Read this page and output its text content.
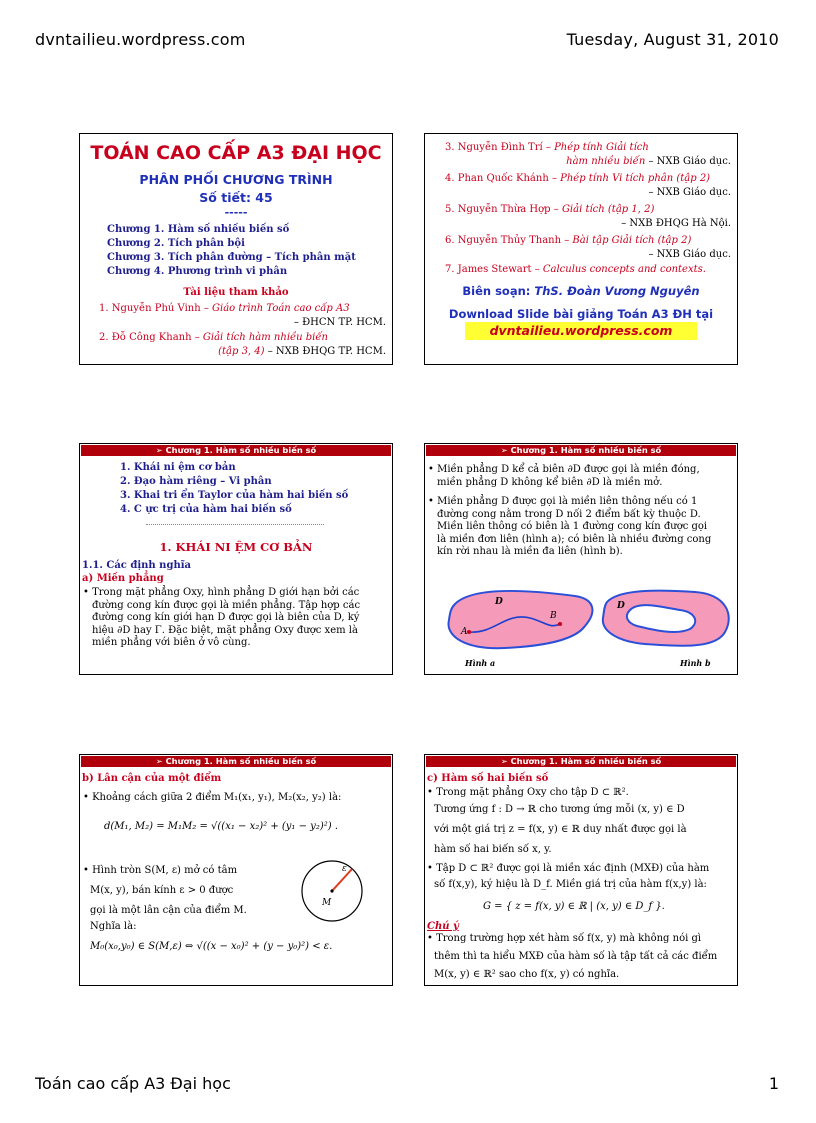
dvntailieu.wordpress.com	Tuesday, August 31, 2010
TOÁN CAO CẤP A3 ĐẠI HỌC
PHÂN PHỐI CHƯƠNG TRÌNH
Số tiết: 45
-----
Chương 1. Hàm số nhiều biến số
Chương 2. Tích phân bội
Chương 3. Tích phân đường – Tích phân mặt
Chương 4. Phương trình vi phân
Tài liệu tham khảo
1. Nguyễn Phú Vinh – Giáo trình Toán cao cấp A3
– ĐHCN TP. HCM.
2. Đỗ Công Khanh – Giải tích hàm nhiều biến
(tập 3, 4) – NXB ĐHQG TP. HCM.
3. Nguyễn Đình Trí – Phép tính Giải tích
hàm nhiều biến – NXB Giáo dục.
4. Phan Quốc Khánh – Phép tính Vi tích phân (tập 2)
– NXB Giáo dục.
5. Nguyễn Thừa Hợp – Giải tích (tập 1, 2)
– NXB ĐHQG Hà Nội.
6. Nguyễn Thủy Thanh – Bài tập Giải tích (tập 2)
– NXB Giáo dục.
7. James Stewart – Calculus concepts and contexts.
Biên soạn: ThS. Đoàn Vương Nguyên
Download Slide bài giảng Toán A3 ĐH tại
dvntailieu.wordpress.com
➢ Chương 1. Hàm số nhiều biến số
1. Khái ni ệm cơ bản
2. Đạo hàm riêng – Vi phân
3. Khai tri ển Taylor của hàm hai biến số
4. C ực trị của hàm hai biến số
1. KHÁI NI ỆM CƠ BẢN
1.1. Các định nghĩa
a) Miền phẳng
• Trong mặt phẳng Oxy, hình phẳng D giới hạn bởi các
đường cong kín được gọi là miền phẳng. Tập hợp các
đường cong kín giới hạn D được gọi là biên của D, ký
hiệu ∂D hay Γ. Đặc biệt, mặt phẳng Oxy được xem là
miền phẳng với biên ở vô cùng.
➢ Chương 1. Hàm số nhiều biến số
• Miền phẳng D kể cả biên ∂D được gọi là miền đóng,
miền phẳng D không kể biên ∂D là miền mở.
• Miền phẳng D được gọi là miền liên thông nếu có 1
đường cong nằm trong D nối 2 điểm bất kỳ thuộc D.
Miền liên thông có biên là 1 đường cong kín được gọi
là miền đơn liên (hình a); có biên là nhiều đường cong
kín rời nhau là miền đa liên (hình b).
D
A
B
D
Hình a	Hình b
➢ Chương 1. Hàm số nhiều biến số
b) Lân cận của một điểm
• Khoảng cách giữa 2 điểm M₁(x₁, y₁), M₂(x₂, y₂) là:
d(M₁, M₂) = M₁M₂ = √((x₁ − x₂)² + (y₁ − y₂)²) .
• Hình tròn S(M, ε) mở có tâm
M(x, y), bán kính ε > 0 được
gọi là một lân cận của điểm M.
Nghĩa là:
M₀(x₀,y₀) ∈ S(M,ε) ⇔ √((x − x₀)² + (y − y₀)²) < ε.
ε
M
➢ Chương 1. Hàm số nhiều biến số
c) Hàm số hai biến số
• Trong mặt phẳng Oxy cho tập D ⊂ ℝ².
Tương ứng f : D → ℝ cho tương ứng mỗi (x, y) ∈ D
với một giá trị z = f(x, y) ∈ ℝ duy nhất được gọi là
hàm số hai biến số x, y.
• Tập D ⊂ ℝ² được gọi là miền xác định (MXĐ) của hàm
số f(x,y), ký hiệu là D_f. Miền giá trị của hàm f(x,y) là:
G = { z = f(x, y) ∈ ℝ | (x, y) ∈ D_f }.
Chú ý
• Trong trường hợp xét hàm số f(x, y) mà không nói gì
thêm thì ta hiểu MXĐ của hàm số là tập tất cả các điểm
M(x, y) ∈ ℝ² sao cho f(x, y) có nghĩa.
Toán cao cấp A3 Đại học	1
